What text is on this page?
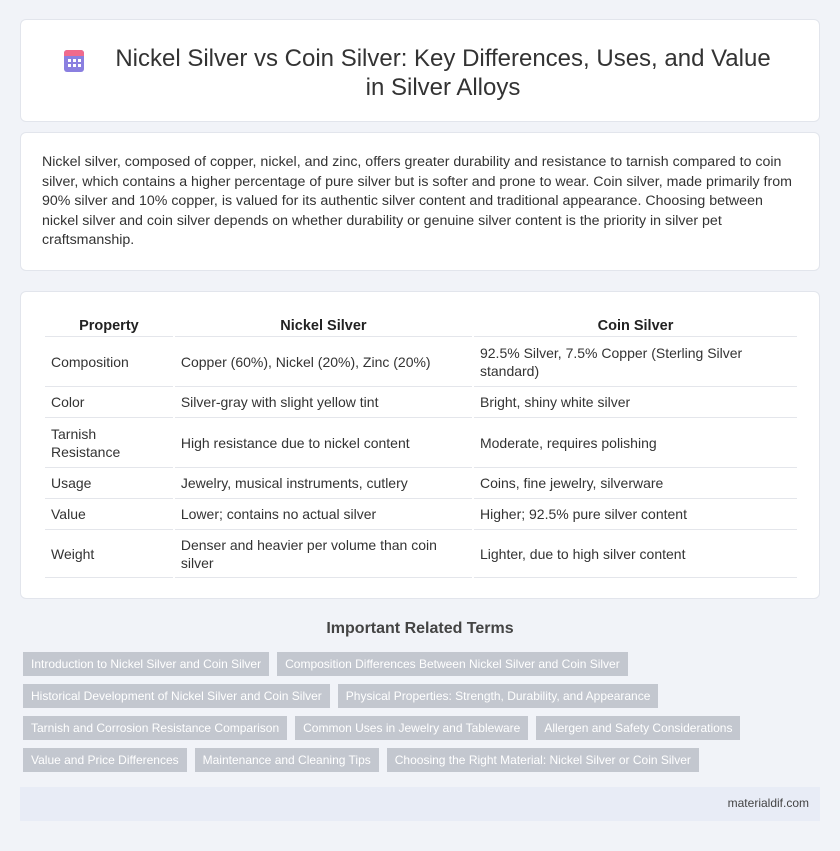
Nickel Silver vs Coin Silver: Key Differences, Uses, and Value in Silver Alloys

Nickel silver, composed of copper, nickel, and zinc, offers greater durability and resistance to tarnish compared to coin silver, which contains a higher percentage of pure silver but is softer and prone to wear. Coin silver, made primarily from 90% silver and 10% copper, is valued for its authentic silver content and traditional appearance. Choosing between nickel silver and coin silver depends on whether durability or genuine silver content is the priority in silver pet craftsmanship.

Property	Nickel Silver	Coin Silver
Composition	Copper (60%), Nickel (20%), Zinc (20%)	92.5% Silver, 7.5% Copper (Sterling Silver standard)
Color	Silver-gray with slight yellow tint	Bright, shiny white silver
Tarnish Resistance	High resistance due to nickel content	Moderate, requires polishing
Usage	Jewelry, musical instruments, cutlery	Coins, fine jewelry, silverware
Value	Lower; contains no actual silver	Higher; 92.5% pure silver content
Weight	Denser and heavier per volume than coin silver	Lighter, due to high silver content
Important Related Terms
Introduction to Nickel Silver and Coin Silver	Composition Differences Between Nickel Silver and Coin Silver
Historical Development of Nickel Silver and Coin Silver	Physical Properties: Strength, Durability, and Appearance
Tarnish and Corrosion Resistance Comparison	Common Uses in Jewelry and Tableware	Allergen and Safety Considerations
Value and Price Differences	Maintenance and Cleaning Tips	Choosing the Right Material: Nickel Silver or Coin Silver
materialdif.com
